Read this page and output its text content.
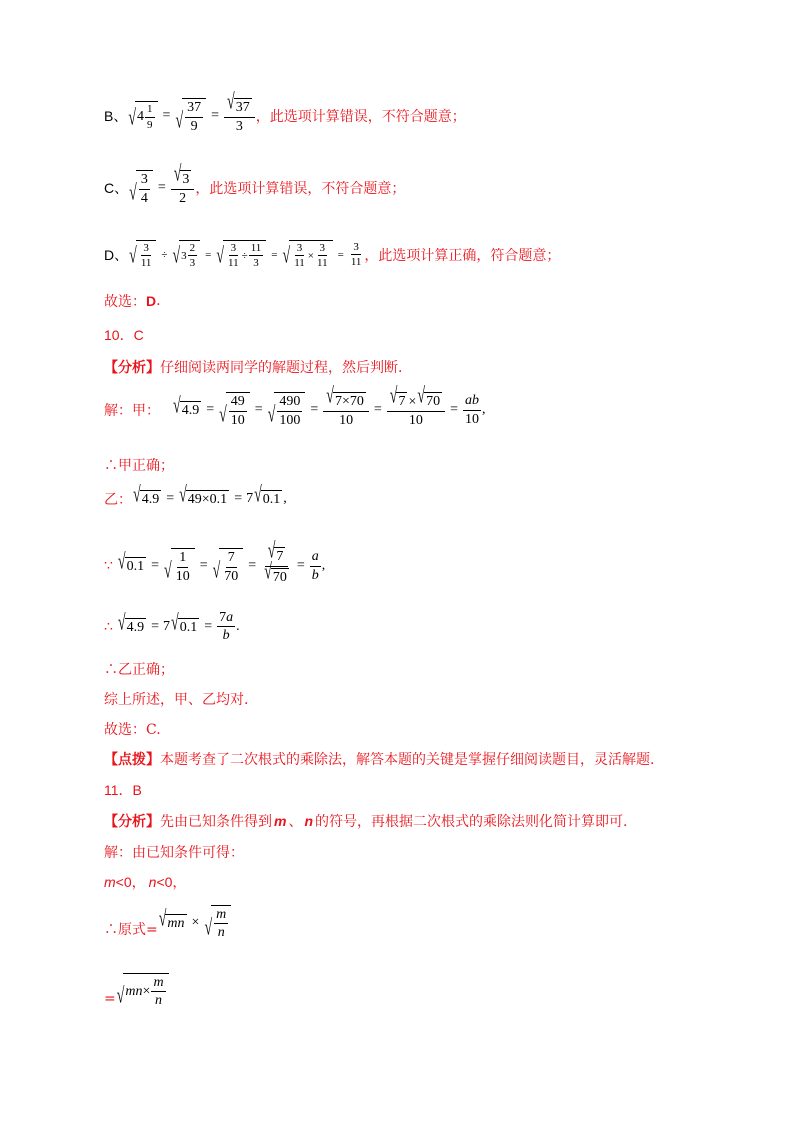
B、 √ $4 \frac{1}{9}$ = √ $\frac{37}{9} = \frac{√ 37}{3}$ ，此选项计算错误，不符合题意；
C、 √ $\frac{3}{4} = \frac{√ 3}{2}$ ，此选项计算错误，不符合题意；
D、 √ $\frac{3}{11}$ ÷ √ $3 \frac{2}{3}$ = √ $\frac{3}{11} \div \frac{11}{3}$ = √ $\frac{3}{11} \times \frac{3}{11} = \frac{3}{11}$ ，此选项计算正确，符合题意；
故选： D .
10．C
【分析】 仔细阅读两同学的解题过程，然后判断.
解：甲： √ 4.9 = √ $\frac{49}{10}$ = √ $\frac{490}{100} = \frac{√ 7\times 70}{10} = \frac{√ 7 \times √ 70}{10} = \frac{ab}{10}$ ,
∴甲正确；
乙： √ 4.9 = √ 49×0.1 = 7 √ 0.1 ,
∵ √ 0.1 = √ $\frac{1}{10}$ = √ $\frac{7}{70} = \frac{√ 7}{√ 70} = \frac{a}{b}$ ,
∴ √ 4.9 = 7 √ $0.1 = \frac{7a}{b}$ .
∴乙正确；
综上所述，甲、乙均对.
故选：C.
【点拨】 本题考查了二次根式的乘除法，解答本题的关键是掌握仔细阅读题目，灵活解题.
11．B
【分析】 先由已知条件得到 m 、 n 的符号，再根据二次根式的乘除法则化简计算即可.
解：由已知条件可得：
m <0， n <0，
∴原式= √ mn × √ $\frac{m}{n}$
= √ mn × $\frac{m}{n}$
